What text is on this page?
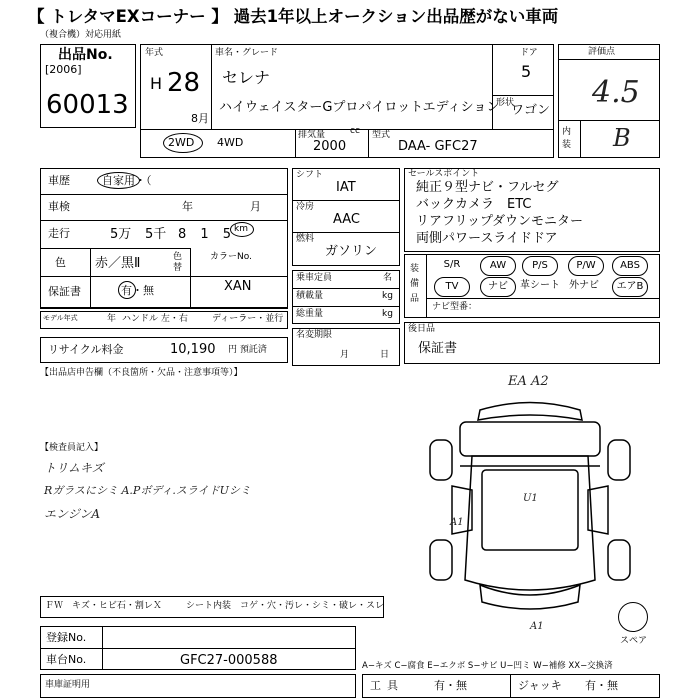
【 トレタマEXコーナー 】 過去1年以上オークション出品歴がない車両
（複合機）対応用紙
出品No.
[2006]
60013
年式
H 28
8月
車名・グレード
セレナ
ハイウェイスターGプロパイロットエディション
ドア
5
形状
ワゴン
2WD 4WD
排気量	cc
2000
型式
DAA- GFC27
評価点
4.5
内装 B
車歴	自家用・（
車検	年	月
走行	5万 5千 8 1 5
km
色 赤／黒Ⅱ	色替
保証書	有・無
カラーNo.
XAN
モデル年式	年 ハンドル 左・右	ディーラー・並行
リサイクル料金	10,190 円 預託済
シフト
IAT
冷房
AAC
燃料
ガソリン
乗車定員	名
積載量	kg
総重量	kg
名変期限
月	日
セールスポイント
純正９型ナビ・フルセグ
バックカメラ　ETC
リアフリップダウンモニター
両側パワースライドドア
装備品
S/R	AW	P/S	P/W	ABS
TV	ナビ	革シート 外ナビ	エアB
ナビ型番：
後日品
保証書
【出品店申告欄（不良箇所・欠品・注意事項等）】
【検査員記入】
トリムキズ
Rガラスにシミ A.Pボディ.スライドUシミ
エンジンA
EA A2
A1
U1
A1
スペア
ＦＷ　キズ・ヒビ石・割レＸ	シート内装　コゲ・穴・汚レ・シミ・破レ・スレ
登録No.
車台No.	GFC27-000588	A−キズ C−腐食 E−エクボ S−サビ U−凹ミ W−補修 XX−交換済
車庫証明用	工具	有・無	ジャッキ 有・無
